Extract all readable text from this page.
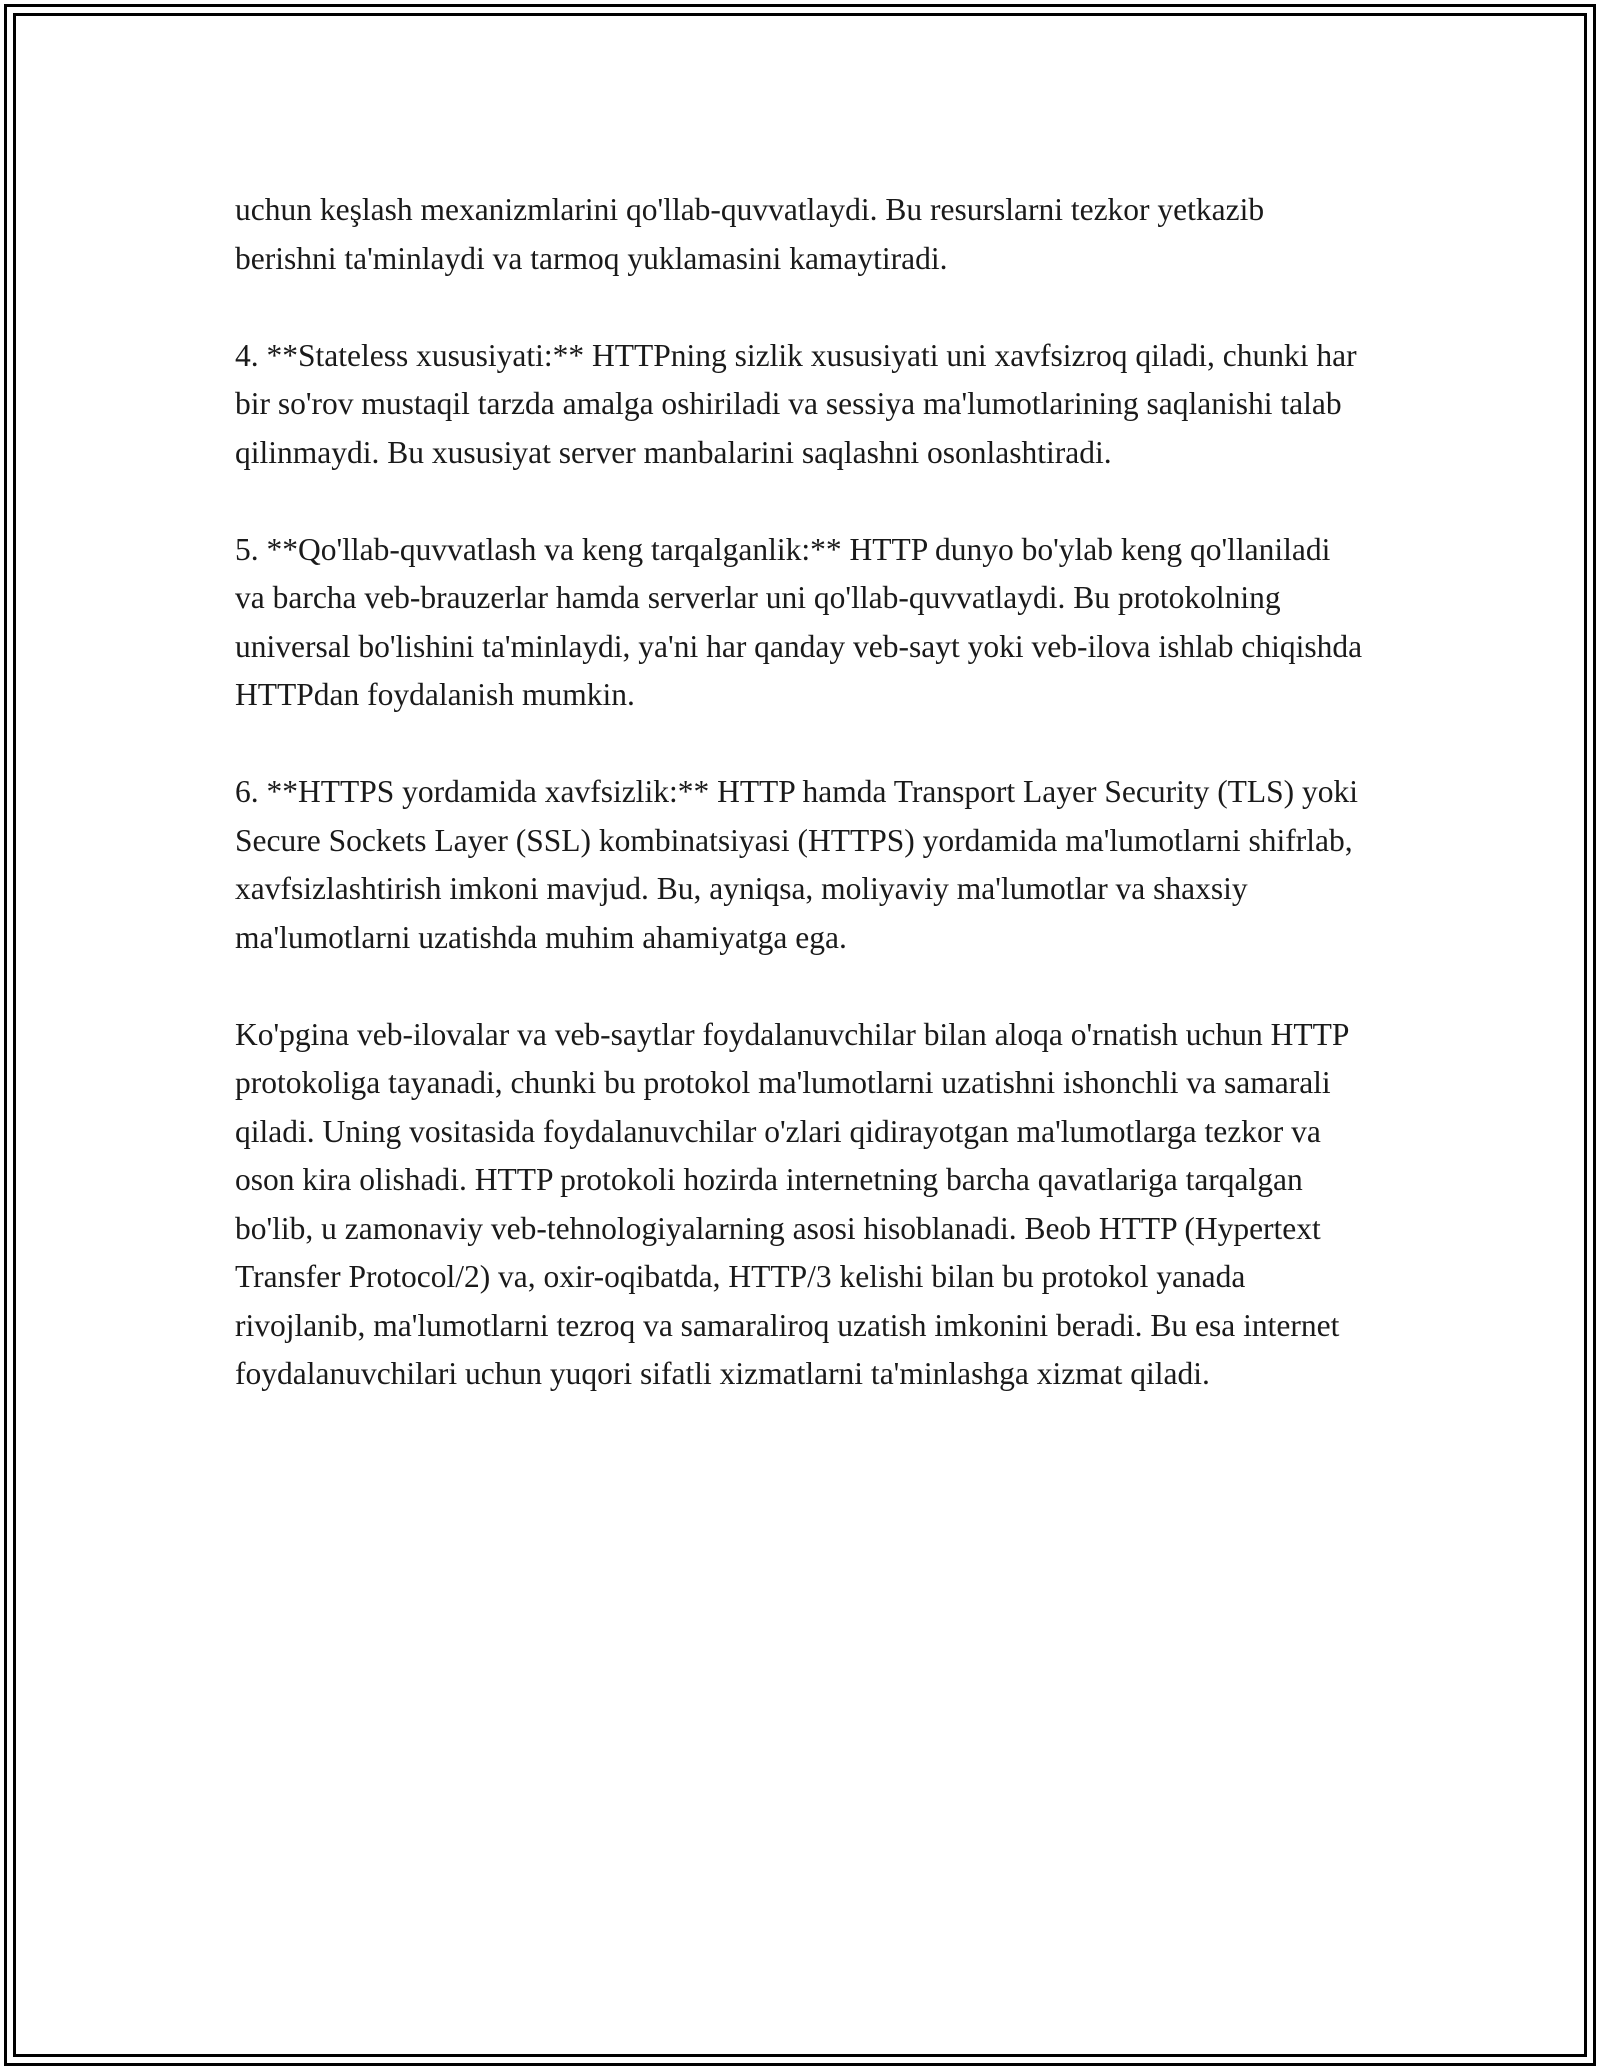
uchun keşlash mexanizmlarini qo'llab-quvvatlaydi. Bu resurslarni tezkor yetkazib berishni ta'minlaydi va tarmoq yuklamasini kamaytiradi.

4. **Stateless xususiyati:** HTTPning sizlik xususiyati uni xavfsizroq qiladi, chunki har bir so'rov mustaqil tarzda amalga oshiriladi va sessiya ma'lumotlarining saqlanishi talab qilinmaydi. Bu xususiyat server manbalarini saqlashni osonlashtiradi.

5. **Qo'llab-quvvatlash va keng tarqalganlik:** HTTP dunyo bo'ylab keng qo'llaniladi va barcha veb-brauzerlar hamda serverlar uni qo'llab-quvvatlaydi. Bu protokolning universal bo'lishini ta'minlaydi, ya'ni har qanday veb-sayt yoki veb-ilova ishlab chiqishda HTTPdan foydalanish mumkin.

6. **HTTPS yordamida xavfsizlik:** HTTP hamda Transport Layer Security (TLS) yoki Secure Sockets Layer (SSL) kombinatsiyasi (HTTPS) yordamida ma'lumotlarni shifrlab, xavfsizlashtirish imkoni mavjud. Bu, ayniqsa, moliyaviy ma'lumotlar va shaxsiy ma'lumotlarni uzatishda muhim ahamiyatga ega.

Ko'pgina veb-ilovalar va veb-saytlar foydalanuvchilar bilan aloqa o'rnatish uchun HTTP protokoliga tayanadi, chunki bu protokol ma'lumotlarni uzatishni ishonchli va samarali qiladi. Uning vositasida foydalanuvchilar o'zlari qidirayotgan ma'lumotlarga tezkor va oson kira olishadi. HTTP protokoli hozirda internetning barcha qavatlariga tarqalgan bo'lib, u zamonaviy veb-tehnologiyalarning asosi hisoblanadi. Beob HTTP (Hypertext Transfer Protocol/2) va, oxir-oqibatda, HTTP/3 kelishi bilan bu protokol yanada rivojlanib, ma'lumotlarni tezroq va samaraliroq uzatish imkonini beradi. Bu esa internet foydalanuvchilari uchun yuqori sifatli xizmatlarni ta'minlashga xizmat qiladi.
